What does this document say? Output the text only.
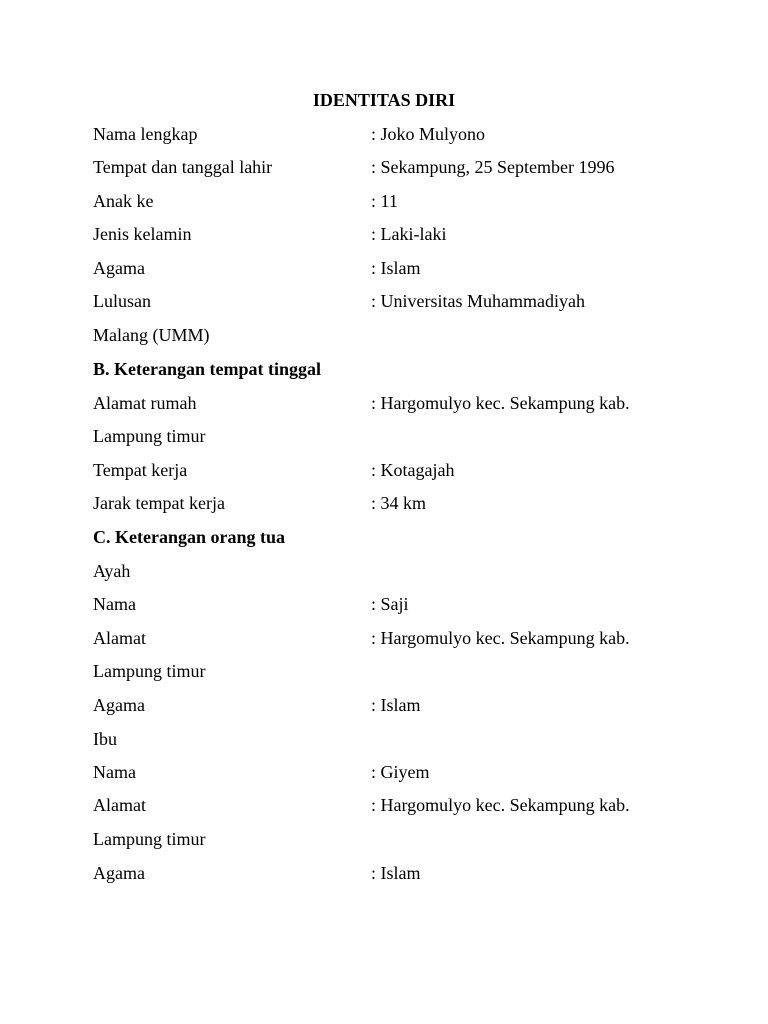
IDENTITAS DIRI
Nama lengkap	: Joko Mulyono
Tempat dan tanggal lahir	: Sekampung, 25 September 1996
Anak ke	: 11
Jenis kelamin	: Laki-laki
Agama	: Islam
Lulusan	: Universitas Muhammadiyah
Malang (UMM)
B. Keterangan tempat tinggal
Alamat rumah	: Hargomulyo kec. Sekampung kab.
Lampung timur
Tempat kerja	: Kotagajah
Jarak tempat kerja	: 34 km
C. Keterangan orang tua
Ayah
Nama	: Saji
Alamat	: Hargomulyo kec. Sekampung kab.
Lampung timur
Agama	: Islam
Ibu
Nama	: Giyem
Alamat	: Hargomulyo kec. Sekampung kab.
Lampung timur
Agama	: Islam
